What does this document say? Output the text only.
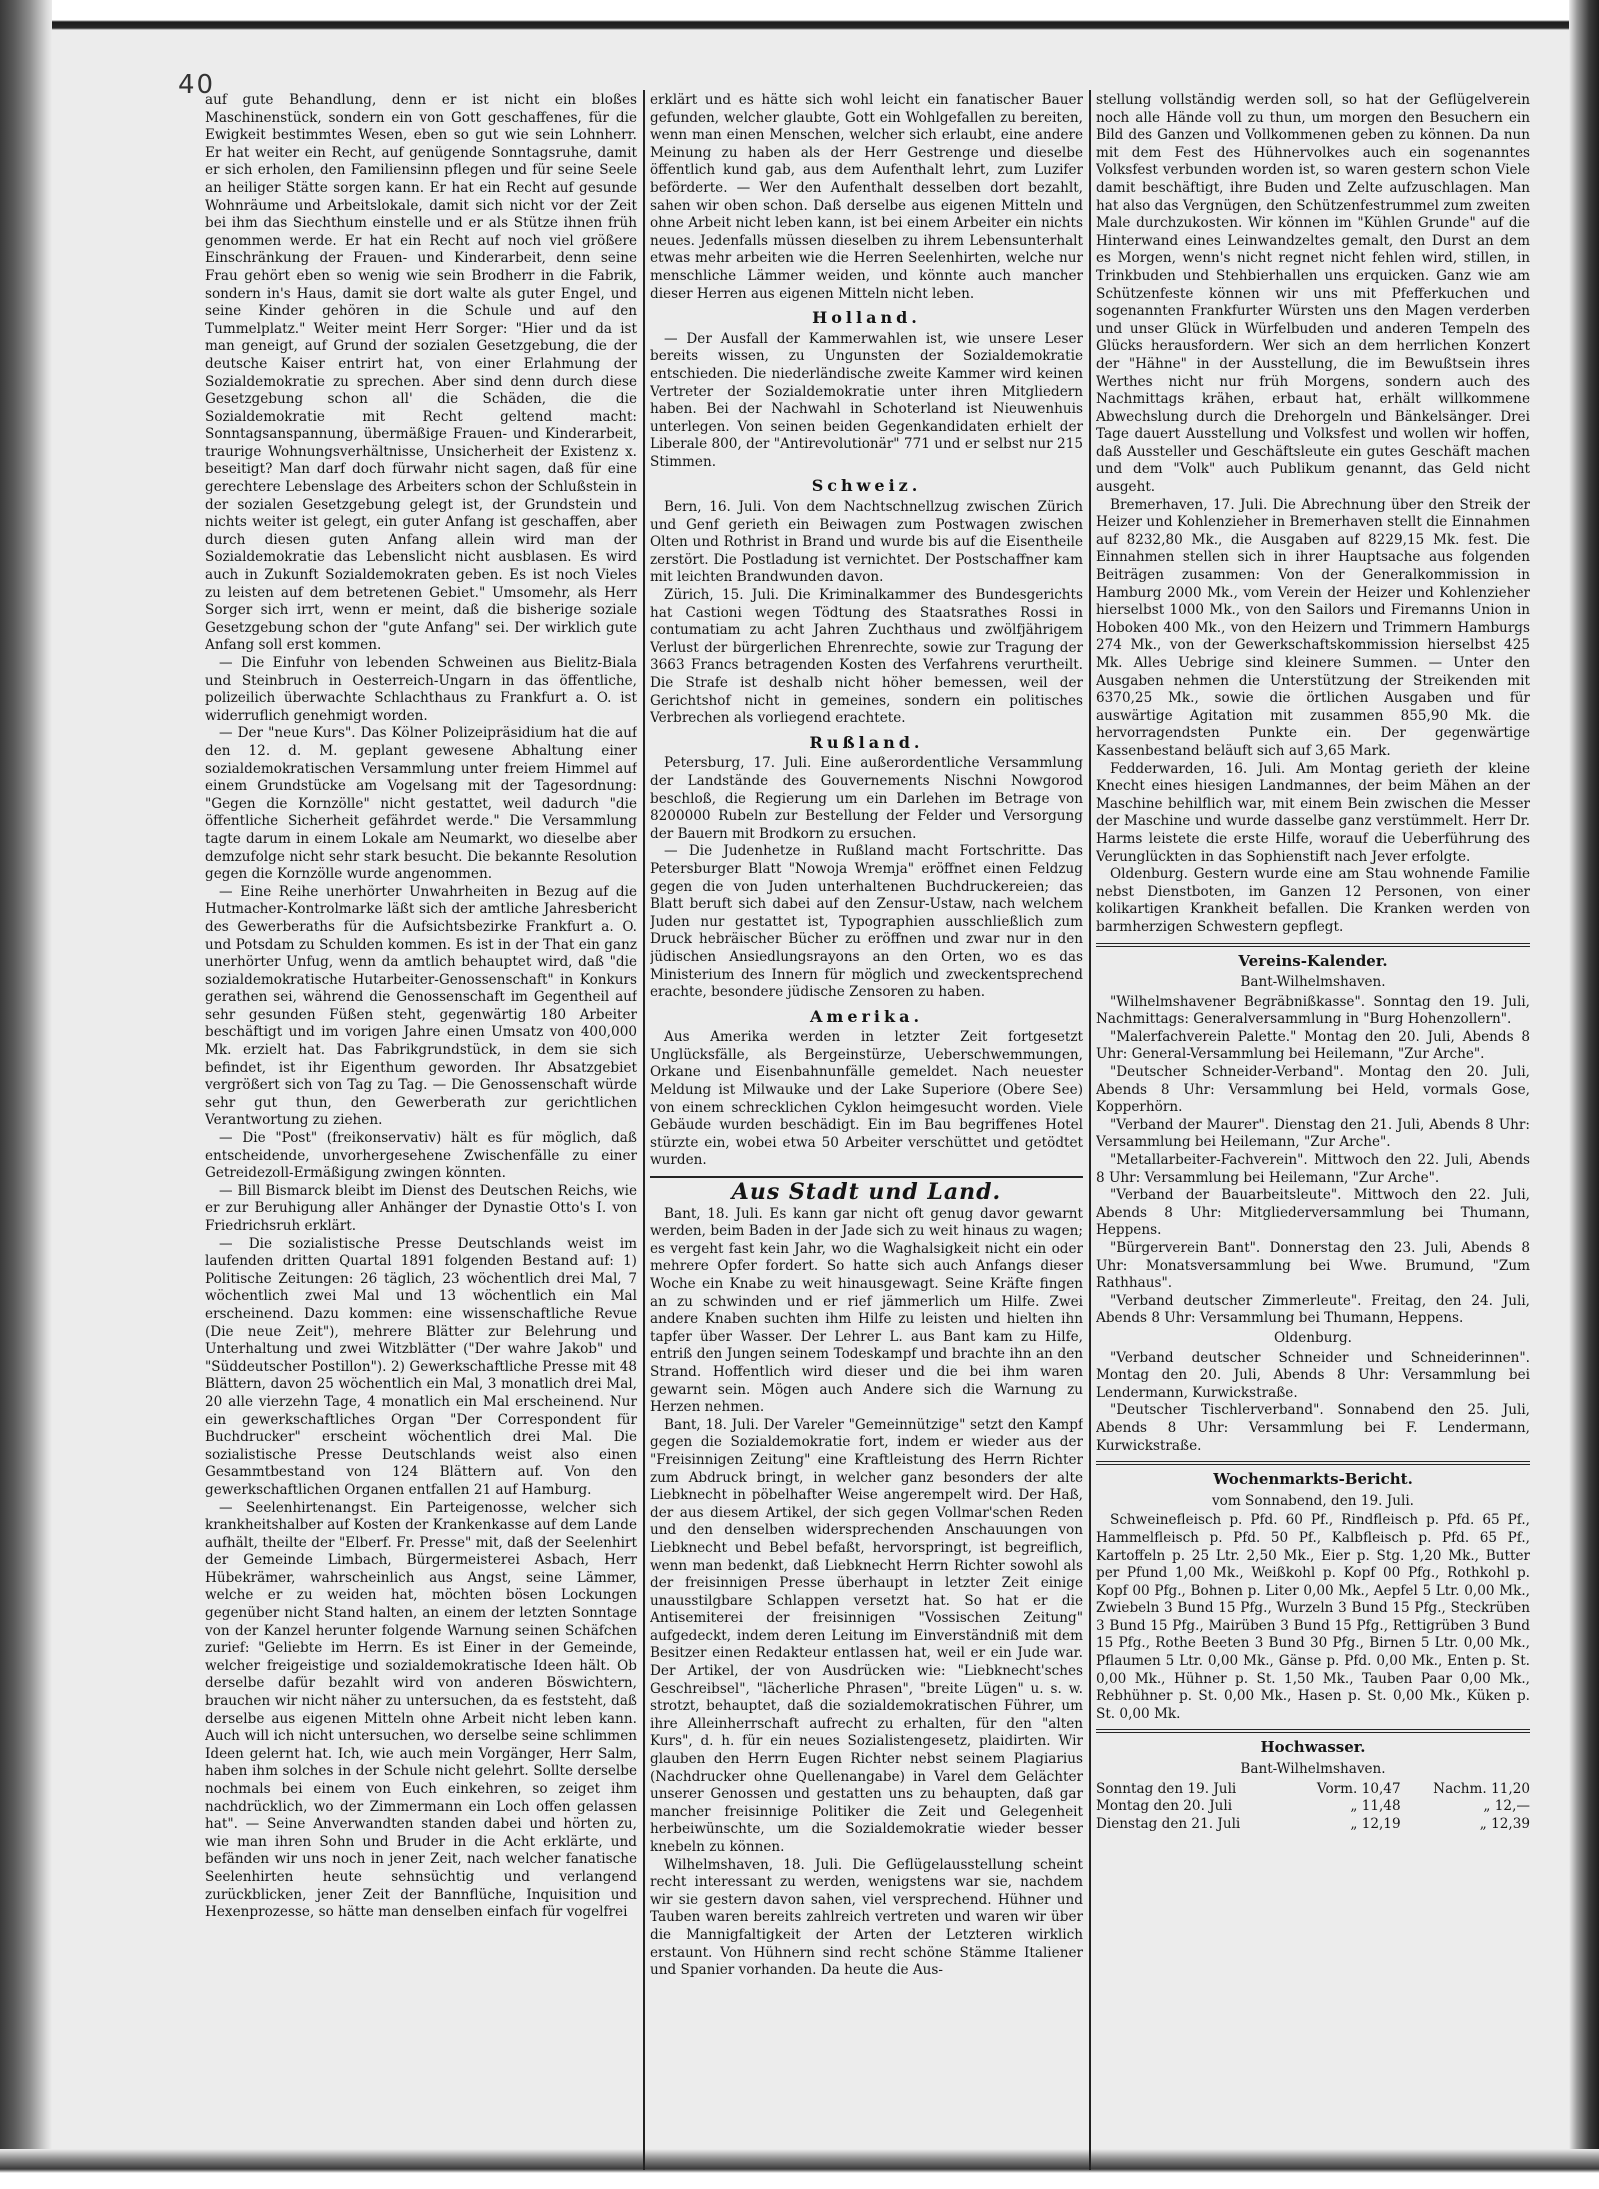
40

auf gute Behandlung, denn er ist nicht ein bloßes Maschinenstück, sondern ein von Gott geschaffenes, für die Ewigkeit bestimmtes Wesen, eben so gut wie sein Lohnherr. Er hat weiter ein Recht, auf genügende Sonntagsruhe, damit er sich erholen, den Familiensinn pflegen und für seine Seele an heiliger Stätte sorgen kann. Er hat ein Recht auf gesunde Wohnräume und Arbeitslokale, damit sich nicht vor der Zeit bei ihm das Siechthum einstelle und er als Stütze ihnen früh genommen werde. Er hat ein Recht auf noch viel größere Einschränkung der Frauen- und Kinderarbeit, denn seine Frau gehört eben so wenig wie sein Brodherr in die Fabrik, sondern in's Haus, damit sie dort walte als guter Engel, und seine Kinder gehören in die Schule und auf den Tummelplatz." Weiter meint Herr Sorger: "Hier und da ist man geneigt, auf Grund der sozialen Gesetzgebung, die der deutsche Kaiser entrirt hat, von einer Erlahmung der Sozialdemokratie zu sprechen. Aber sind denn durch diese Gesetzgebung schon all' die Schäden, die die Sozialdemokratie mit Recht geltend macht: Sonntagsanspannung, übermäßige Frauen- und Kinderarbeit, traurige Wohnungsverhältnisse, Unsicherheit der Existenz x. beseitigt? Man darf doch fürwahr nicht sagen, daß für eine gerechtere Lebenslage des Arbeiters schon der Schlußstein in der sozialen Gesetzgebung gelegt ist, der Grundstein und nichts weiter ist gelegt, ein guter Anfang ist geschaffen, aber durch diesen guten Anfang allein wird man der Sozialdemokratie das Lebenslicht nicht ausblasen. Es wird auch in Zukunft Sozialdemokraten geben. Es ist noch Vieles zu leisten auf dem betretenen Gebiet." Umsomehr, als Herr Sorger sich irrt, wenn er meint, daß die bisherige soziale Gesetzgebung schon der "gute Anfang" sei. Der wirklich gute Anfang soll erst kommen.

— Die Einfuhr von lebenden Schweinen aus Bielitz-Biala und Steinbruch in Oesterreich-Ungarn in das öffentliche, polizeilich überwachte Schlachthaus zu Frankfurt a. O. ist widerruflich genehmigt worden.

— Der "neue Kurs". Das Kölner Polizeipräsidium hat die auf den 12. d. M. geplant gewesene Abhaltung einer sozialdemokratischen Versammlung unter freiem Himmel auf einem Grundstücke am Vogelsang mit der Tagesordnung: "Gegen die Kornzölle" nicht gestattet, weil dadurch "die öffentliche Sicherheit gefährdet werde." Die Versammlung tagte darum in einem Lokale am Neumarkt, wo dieselbe aber demzufolge nicht sehr stark besucht. Die bekannte Resolution gegen die Kornzölle wurde angenommen.

— Eine Reihe unerhörter Unwahrheiten in Bezug auf die Hutmacher-Kontrolmarke läßt sich der amtliche Jahresbericht des Gewerberaths für die Aufsichtsbezirke Frankfurt a. O. und Potsdam zu Schulden kommen. Es ist in der That ein ganz unerhörter Unfug, wenn da amtlich behauptet wird, daß "die sozialdemokratische Hutarbeiter-Genossenschaft" in Konkurs gerathen sei, während die Genossenschaft im Gegentheil auf sehr gesunden Füßen steht, gegenwärtig 180 Arbeiter beschäftigt und im vorigen Jahre einen Umsatz von 400,000 Mk. erzielt hat. Das Fabrikgrundstück, in dem sie sich befindet, ist ihr Eigenthum geworden. Ihr Absatzgebiet vergrößert sich von Tag zu Tag. — Die Genossenschaft würde sehr gut thun, den Gewerberath zur gerichtlichen Verantwortung zu ziehen.

— Die "Post" (freikonservativ) hält es für möglich, daß entscheidende, unvorhergesehene Zwischenfälle zu einer Getreidezoll-Ermäßigung zwingen könnten.

— Bill Bismarck bleibt im Dienst des Deutschen Reichs, wie er zur Beruhigung aller Anhänger der Dynastie Otto's I. von Friedrichsruh erklärt.

— Die sozialistische Presse Deutschlands weist im laufenden dritten Quartal 1891 folgenden Bestand auf: 1) Politische Zeitungen: 26 täglich, 23 wöchentlich drei Mal, 7 wöchentlich zwei Mal und 13 wöchentlich ein Mal erscheinend. Dazu kommen: eine wissenschaftliche Revue (Die neue Zeit"), mehrere Blätter zur Belehrung und Unterhaltung und zwei Witzblätter ("Der wahre Jakob" und "Süddeutscher Postillon"). 2) Gewerkschaftliche Presse mit 48 Blättern, davon 25 wöchentlich ein Mal, 3 monatlich drei Mal, 20 alle vierzehn Tage, 4 monatlich ein Mal erscheinend. Nur ein gewerkschaftliches Organ "Der Correspondent für Buchdrucker" erscheint wöchentlich drei Mal. Die sozialistische Presse Deutschlands weist also einen Gesammtbestand von 124 Blättern auf. Von den gewerkschaftlichen Organen entfallen 21 auf Hamburg.

— Seelenhirtenangst. Ein Parteigenosse, welcher sich krankheitshalber auf Kosten der Krankenkasse auf dem Lande aufhält, theilte der "Elberf. Fr. Presse" mit, daß der Seelenhirt der Gemeinde Limbach, Bürgermeisterei Asbach, Herr Hübekrämer, wahrscheinlich aus Angst, seine Lämmer, welche er zu weiden hat, möchten bösen Lockungen gegenüber nicht Stand halten, an einem der letzten Sonntage von der Kanzel herunter folgende Warnung seinen Schäfchen zurief: "Geliebte im Herrn. Es ist Einer in der Gemeinde, welcher freigeistige und sozialdemokratische Ideen hält. Ob derselbe dafür bezahlt wird von anderen Böswichtern, brauchen wir nicht näher zu untersuchen, da es feststeht, daß derselbe aus eigenen Mitteln ohne Arbeit nicht leben kann. Auch will ich nicht untersuchen, wo derselbe seine schlimmen Ideen gelernt hat. Ich, wie auch mein Vorgänger, Herr Salm, haben ihm solches in der Schule nicht gelehrt. Sollte derselbe nochmals bei einem von Euch einkehren, so zeiget ihm nachdrücklich, wo der Zimmermann ein Loch offen gelassen hat". — Seine Anverwandten standen dabei und hörten zu, wie man ihren Sohn und Bruder in die Acht erklärte, und befänden wir uns noch in jener Zeit, nach welcher fanatische Seelenhirten heute sehnsüchtig und verlangend zurückblicken, jener Zeit der Bannflüche, Inquisition und Hexenprozesse, so hätte man denselben einfach für vogelfrei

erklärt und es hätte sich wohl leicht ein fanatischer Bauer gefunden, welcher glaubte, Gott ein Wohlgefallen zu bereiten, wenn man einen Menschen, welcher sich erlaubt, eine andere Meinung zu haben als der Herr Gestrenge und dieselbe öffentlich kund gab, aus dem Aufenthalt lehrt, zum Luzifer beförderte. — Wer den Aufenthalt desselben dort bezahlt, sahen wir oben schon. Daß derselbe aus eigenen Mitteln und ohne Arbeit nicht leben kann, ist bei einem Arbeiter ein nichts neues. Jedenfalls müssen dieselben zu ihrem Lebensunterhalt etwas mehr arbeiten wie die Herren Seelenhirten, welche nur menschliche Lämmer weiden, und könnte auch mancher dieser Herren aus eigenen Mitteln nicht leben.

Holland.

— Der Ausfall der Kammerwahlen ist, wie unsere Leser bereits wissen, zu Ungunsten der Sozialdemokratie entschieden. Die niederländische zweite Kammer wird keinen Vertreter der Sozialdemokratie unter ihren Mitgliedern haben. Bei der Nachwahl in Schoterland ist Nieuwenhuis unterlegen. Von seinen beiden Gegenkandidaten erhielt der Liberale 800, der "Antirevolutionär" 771 und er selbst nur 215 Stimmen.

Schweiz.

Bern, 16. Juli. Von dem Nachtschnellzug zwischen Zürich und Genf gerieth ein Beiwagen zum Postwagen zwischen Olten und Rothrist in Brand und wurde bis auf die Eisentheile zerstört. Die Postladung ist vernichtet. Der Postschaffner kam mit leichten Brandwunden davon.

Zürich, 15. Juli. Die Kriminalkammer des Bundesgerichts hat Castioni wegen Tödtung des Staatsrathes Rossi in contumatiam zu acht Jahren Zuchthaus und zwölfjährigem Verlust der bürgerlichen Ehrenrechte, sowie zur Tragung der 3663 Francs betragenden Kosten des Verfahrens verurtheilt. Die Strafe ist deshalb nicht höher bemessen, weil der Gerichtshof nicht in gemeines, sondern ein politisches Verbrechen als vorliegend erachtete.

Rußland.

Petersburg, 17. Juli. Eine außerordentliche Versammlung der Landstände des Gouvernements Nischni Nowgorod beschloß, die Regierung um ein Darlehen im Betrage von 8200000 Rubeln zur Bestellung der Felder und Versorgung der Bauern mit Brodkorn zu ersuchen.

— Die Judenhetze in Rußland macht Fortschritte. Das Petersburger Blatt "Nowoja Wremja" eröffnet einen Feldzug gegen die von Juden unterhaltenen Buchdruckereien; das Blatt beruft sich dabei auf den Zensur-Ustaw, nach welchem Juden nur gestattet ist, Typographien ausschließlich zum Druck hebräischer Bücher zu eröffnen und zwar nur in den jüdischen Ansiedlungsrayons an den Orten, wo es das Ministerium des Innern für möglich und zweckentsprechend erachte, besondere jüdische Zensoren zu haben.

Amerika.

Aus Amerika werden in letzter Zeit fortgesetzt Unglücksfälle, als Bergeinstürze, Ueberschwemmungen, Orkane und Eisenbahnunfälle gemeldet. Nach neuester Meldung ist Milwauke und der Lake Superiore (Obere See) von einem schrecklichen Cyklon heimgesucht worden. Viele Gebäude wurden beschädigt. Ein im Bau begriffenes Hotel stürzte ein, wobei etwa 50 Arbeiter verschüttet und getödtet wurden.

Aus Stadt und Land.

Bant, 18. Juli. Es kann gar nicht oft genug davor gewarnt werden, beim Baden in der Jade sich zu weit hinaus zu wagen; es vergeht fast kein Jahr, wo die Waghalsigkeit nicht ein oder mehrere Opfer fordert. So hatte sich auch Anfangs dieser Woche ein Knabe zu weit hinausgewagt. Seine Kräfte fingen an zu schwinden und er rief jämmerlich um Hilfe. Zwei andere Knaben suchten ihm Hilfe zu leisten und hielten ihn tapfer über Wasser. Der Lehrer L. aus Bant kam zu Hilfe, entriß den Jungen seinem Todeskampf und brachte ihn an den Strand. Hoffentlich wird dieser und die bei ihm waren gewarnt sein. Mögen auch Andere sich die Warnung zu Herzen nehmen.

Bant, 18. Juli. Der Vareler "Gemeinnützige" setzt den Kampf gegen die Sozialdemokratie fort, indem er wieder aus der "Freisinnigen Zeitung" eine Kraftleistung des Herrn Richter zum Abdruck bringt, in welcher ganz besonders der alte Liebknecht in pöbelhafter Weise angerempelt wird. Der Haß, der aus diesem Artikel, der sich gegen Vollmar'schen Reden und den denselben widersprechenden Anschauungen von Liebknecht und Bebel befaßt, hervorspringt, ist begreiflich, wenn man bedenkt, daß Liebknecht Herrn Richter sowohl als der freisinnigen Presse überhaupt in letzter Zeit einige unausstilgbare Schlappen versetzt hat. So hat er die Antisemiterei der freisinnigen "Vossischen Zeitung" aufgedeckt, indem deren Leitung im Einverständniß mit dem Besitzer einen Redakteur entlassen hat, weil er ein Jude war. Der Artikel, der von Ausdrücken wie: "Liebknecht'sches Geschreibsel", "lächerliche Phrasen", "breite Lügen" u. s. w. strotzt, behauptet, daß die sozialdemokratischen Führer, um ihre Alleinherrschaft aufrecht zu erhalten, für den "alten Kurs", d. h. für ein neues Sozialistengesetz, plaidirten. Wir glauben den Herrn Eugen Richter nebst seinem Plagiarius (Nachdrucker ohne Quellenangabe) in Varel dem Gelächter unserer Genossen und gestatten uns zu behaupten, daß gar mancher freisinnige Politiker die Zeit und Gelegenheit herbeiwünschte, um die Sozialdemokratie wieder besser knebeln zu können.

Wilhelmshaven, 18. Juli. Die Geflügelausstellung scheint recht interessant zu werden, wenigstens war sie, nachdem wir sie gestern davon sahen, viel versprechend. Hühner und Tauben waren bereits zahlreich vertreten und waren wir über die Mannigfaltigkeit der Arten der Letzteren wirklich erstaunt. Von Hühnern sind recht schöne Stämme Italiener und Spanier vorhanden. Da heute die Aus-

stellung vollständig werden soll, so hat der Geflügelverein noch alle Hände voll zu thun, um morgen den Besuchern ein Bild des Ganzen und Vollkommenen geben zu können. Da nun mit dem Fest des Hühnervolkes auch ein sogenanntes Volksfest verbunden worden ist, so waren gestern schon Viele damit beschäftigt, ihre Buden und Zelte aufzuschlagen. Man hat also das Vergnügen, den Schützenfestrummel zum zweiten Male durchzukosten. Wir können im "Kühlen Grunde" auf die Hinterwand eines Leinwandzeltes gemalt, den Durst an dem es Morgen, wenn's nicht regnet nicht fehlen wird, stillen, in Trinkbuden und Stehbierhallen uns erquicken. Ganz wie am Schützenfeste können wir uns mit Pfefferkuchen und sogenannten Frankfurter Würsten uns den Magen verderben und unser Glück in Würfelbuden und anderen Tempeln des Glücks herausfordern. Wer sich an dem herrlichen Konzert der "Hähne" in der Ausstellung, die im Bewußtsein ihres Werthes nicht nur früh Morgens, sondern auch des Nachmittags krähen, erbaut hat, erhält willkommene Abwechslung durch die Drehorgeln und Bänkelsänger. Drei Tage dauert Ausstellung und Volksfest und wollen wir hoffen, daß Aussteller und Geschäftsleute ein gutes Geschäft machen und dem "Volk" auch Publikum genannt, das Geld nicht ausgeht.

Bremerhaven, 17. Juli. Die Abrechnung über den Streik der Heizer und Kohlenzieher in Bremerhaven stellt die Einnahmen auf 8232,80 Mk., die Ausgaben auf 8229,15 Mk. fest. Die Einnahmen stellen sich in ihrer Hauptsache aus folgenden Beiträgen zusammen: Von der Generalkommission in Hamburg 2000 Mk., vom Verein der Heizer und Kohlenzieher hierselbst 1000 Mk., von den Sailors und Firemanns Union in Hoboken 400 Mk., von den Heizern und Trimmern Hamburgs 274 Mk., von der Gewerkschaftskommission hierselbst 425 Mk. Alles Uebrige sind kleinere Summen. — Unter den Ausgaben nehmen die Unterstützung der Streikenden mit 6370,25 Mk., sowie die örtlichen Ausgaben und für auswärtige Agitation mit zusammen 855,90 Mk. die hervorragendsten Punkte ein. Der gegenwärtige Kassenbestand beläuft sich auf 3,65 Mark.

Fedderwarden, 16. Juli. Am Montag gerieth der kleine Knecht eines hiesigen Landmannes, der beim Mähen an der Maschine behilflich war, mit einem Bein zwischen die Messer der Maschine und wurde dasselbe ganz verstümmelt. Herr Dr. Harms leistete die erste Hilfe, worauf die Ueberführung des Verunglückten in das Sophienstift nach Jever erfolgte.

Oldenburg. Gestern wurde eine am Stau wohnende Familie nebst Dienstboten, im Ganzen 12 Personen, von einer kolikartigen Krankheit befallen. Die Kranken werden von barmherzigen Schwestern gepflegt.

Vereins-Kalender.
Bant-Wilhelmshaven.

"Wilhelmshavener Begräbnißkasse". Sonntag den 19. Juli, Nachmittags: Generalversammlung in "Burg Hohenzollern".

"Malerfachverein Palette." Montag den 20. Juli, Abends 8 Uhr: General-Versammlung bei Heilemann, "Zur Arche".

"Deutscher Schneider-Verband". Montag den 20. Juli, Abends 8 Uhr: Versammlung bei Held, vormals Gose, Kopperhörn.

"Verband der Maurer". Dienstag den 21. Juli, Abends 8 Uhr: Versammlung bei Heilemann, "Zur Arche".

"Metallarbeiter-Fachverein". Mittwoch den 22. Juli, Abends 8 Uhr: Versammlung bei Heilemann, "Zur Arche".

"Verband der Bauarbeitsleute". Mittwoch den 22. Juli, Abends 8 Uhr: Mitgliederversammlung bei Thumann, Heppens.

"Bürgerverein Bant". Donnerstag den 23. Juli, Abends 8 Uhr: Monatsversammlung bei Wwe. Brumund, "Zum Rathhaus".

"Verband deutscher Zimmerleute". Freitag, den 24. Juli, Abends 8 Uhr: Versammlung bei Thumann, Heppens.

Oldenburg.

"Verband deutscher Schneider und Schneiderinnen". Montag den 20. Juli, Abends 8 Uhr: Versammlung bei Lendermann, Kurwickstraße.

"Deutscher Tischlerverband". Sonnabend den 25. Juli, Abends 8 Uhr: Versammlung bei F. Lendermann, Kurwickstraße.

Wochenmarkts-Bericht.
vom Sonnabend, den 19. Juli.

Schweinefleisch p. Pfd. 60 Pf., Rindfleisch p. Pfd. 65 Pf., Hammelfleisch p. Pfd. 50 Pf., Kalbfleisch p. Pfd. 65 Pf., Kartoffeln p. 25 Ltr. 2,50 Mk., Eier p. Stg. 1,20 Mk., Butter per Pfund 1,00 Mk., Weißkohl p. Kopf 00 Pfg., Rothkohl p. Kopf 00 Pfg., Bohnen p. Liter 0,00 Mk., Aepfel 5 Ltr. 0,00 Mk., Zwiebeln 3 Bund 15 Pfg., Wurzeln 3 Bund 15 Pfg., Steckrüben 3 Bund 15 Pfg., Mairüben 3 Bund 15 Pfg., Rettigrüben 3 Bund 15 Pfg., Rothe Beeten 3 Bund 30 Pfg., Birnen 5 Ltr. 0,00 Mk., Pflaumen 5 Ltr. 0,00 Mk., Gänse p. Pfd. 0,00 Mk., Enten p. St. 0,00 Mk., Hühner p. St. 1,50 Mk., Tauben Paar 0,00 Mk., Rebhühner p. St. 0,00 Mk., Hasen p. St. 0,00 Mk., Küken p. St. 0,00 Mk.

Hochwasser.
Bant-Wilhelmshaven.
Sonntag den 19. Juli	Vorm. 10,47	Nachm. 11,20
Montag den 20. Juli	„ 11,48	„ 12,—
Dienstag den 21. Juli	„ 12,19	„ 12,39
